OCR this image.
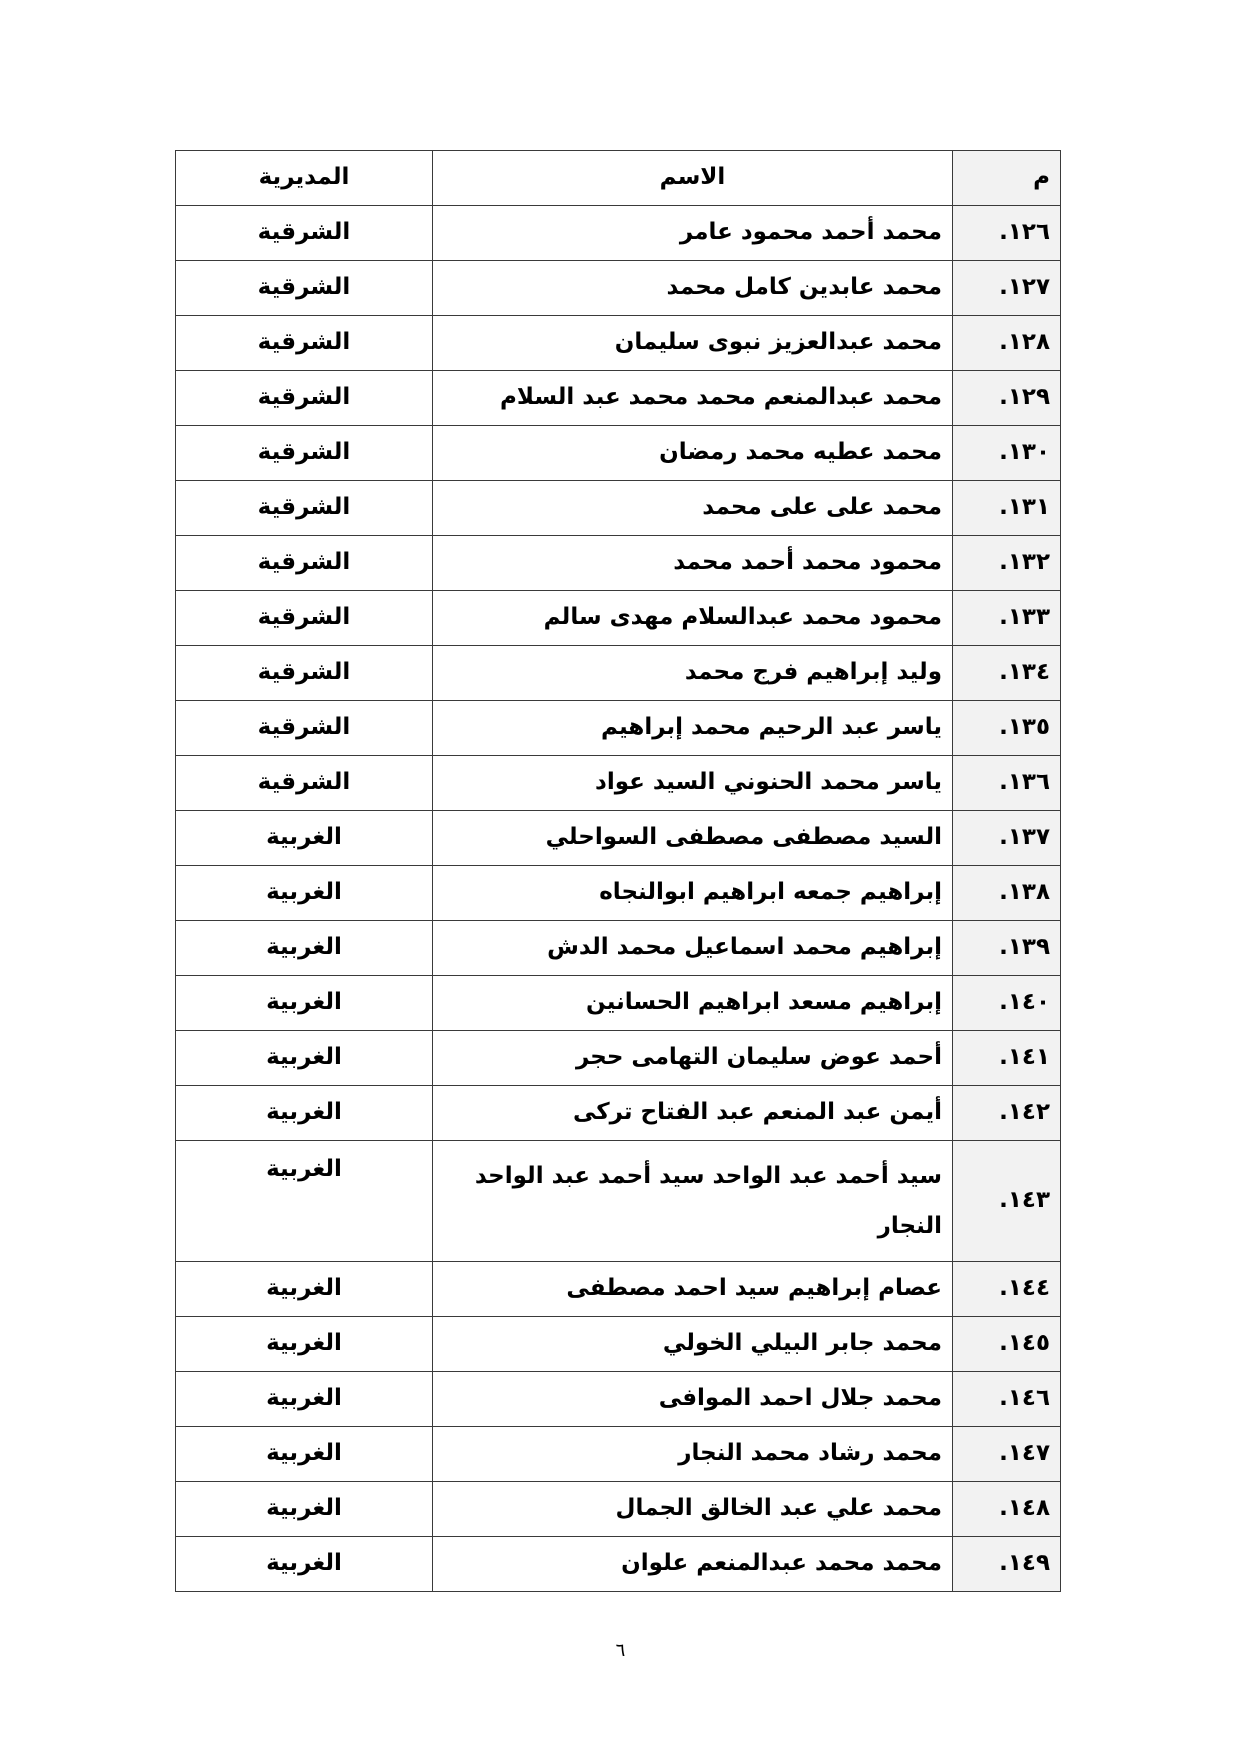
م	الاسم	المديرية
١٢٦.	محمد أحمد محمود عامر	الشرقية
١٢٧.	محمد عابدين كامل محمد	الشرقية
١٢٨.	محمد عبدالعزيز نبوى سليمان	الشرقية
١٢٩.	محمد عبدالمنعم محمد محمد عبد السلام	الشرقية
١٣٠.	محمد عطيه محمد رمضان	الشرقية
١٣١.	محمد على على محمد	الشرقية
١٣٢.	محمود محمد أحمد محمد	الشرقية
١٣٣.	محمود محمد عبدالسلام مهدى سالم	الشرقية
١٣٤.	وليد إبراهيم فرج محمد	الشرقية
١٣٥.	ياسر عبد الرحيم محمد إبراهيم	الشرقية
١٣٦.	ياسر محمد الحنوني السيد عواد	الشرقية
١٣٧.	السيد مصطفى مصطفى السواحلي	الغربية
١٣٨.	إبراهيم جمعه ابراهيم ابوالنجاه	الغربية
١٣٩.	إبراهيم محمد اسماعيل محمد الدش	الغربية
١٤٠.	إبراهيم مسعد ابراهيم الحسانين	الغربية
١٤١.	أحمد عوض سليمان التهامى حجر	الغربية
١٤٢.	أيمن عبد المنعم عبد الفتاح تركى	الغربية
١٤٣.	سيد أحمد عبد الواحد سيد أحمد عبد الواحد النجار	الغربية
١٤٤.	عصام إبراهيم سيد احمد مصطفى	الغربية
١٤٥.	محمد جابر البيلي الخولي	الغربية
١٤٦.	محمد جلال احمد الموافى	الغربية
١٤٧.	محمد رشاد محمد النجار	الغربية
١٤٨.	محمد علي عبد الخالق الجمال	الغربية
١٤٩.	محمد محمد عبدالمنعم علوان	الغربية
٦
